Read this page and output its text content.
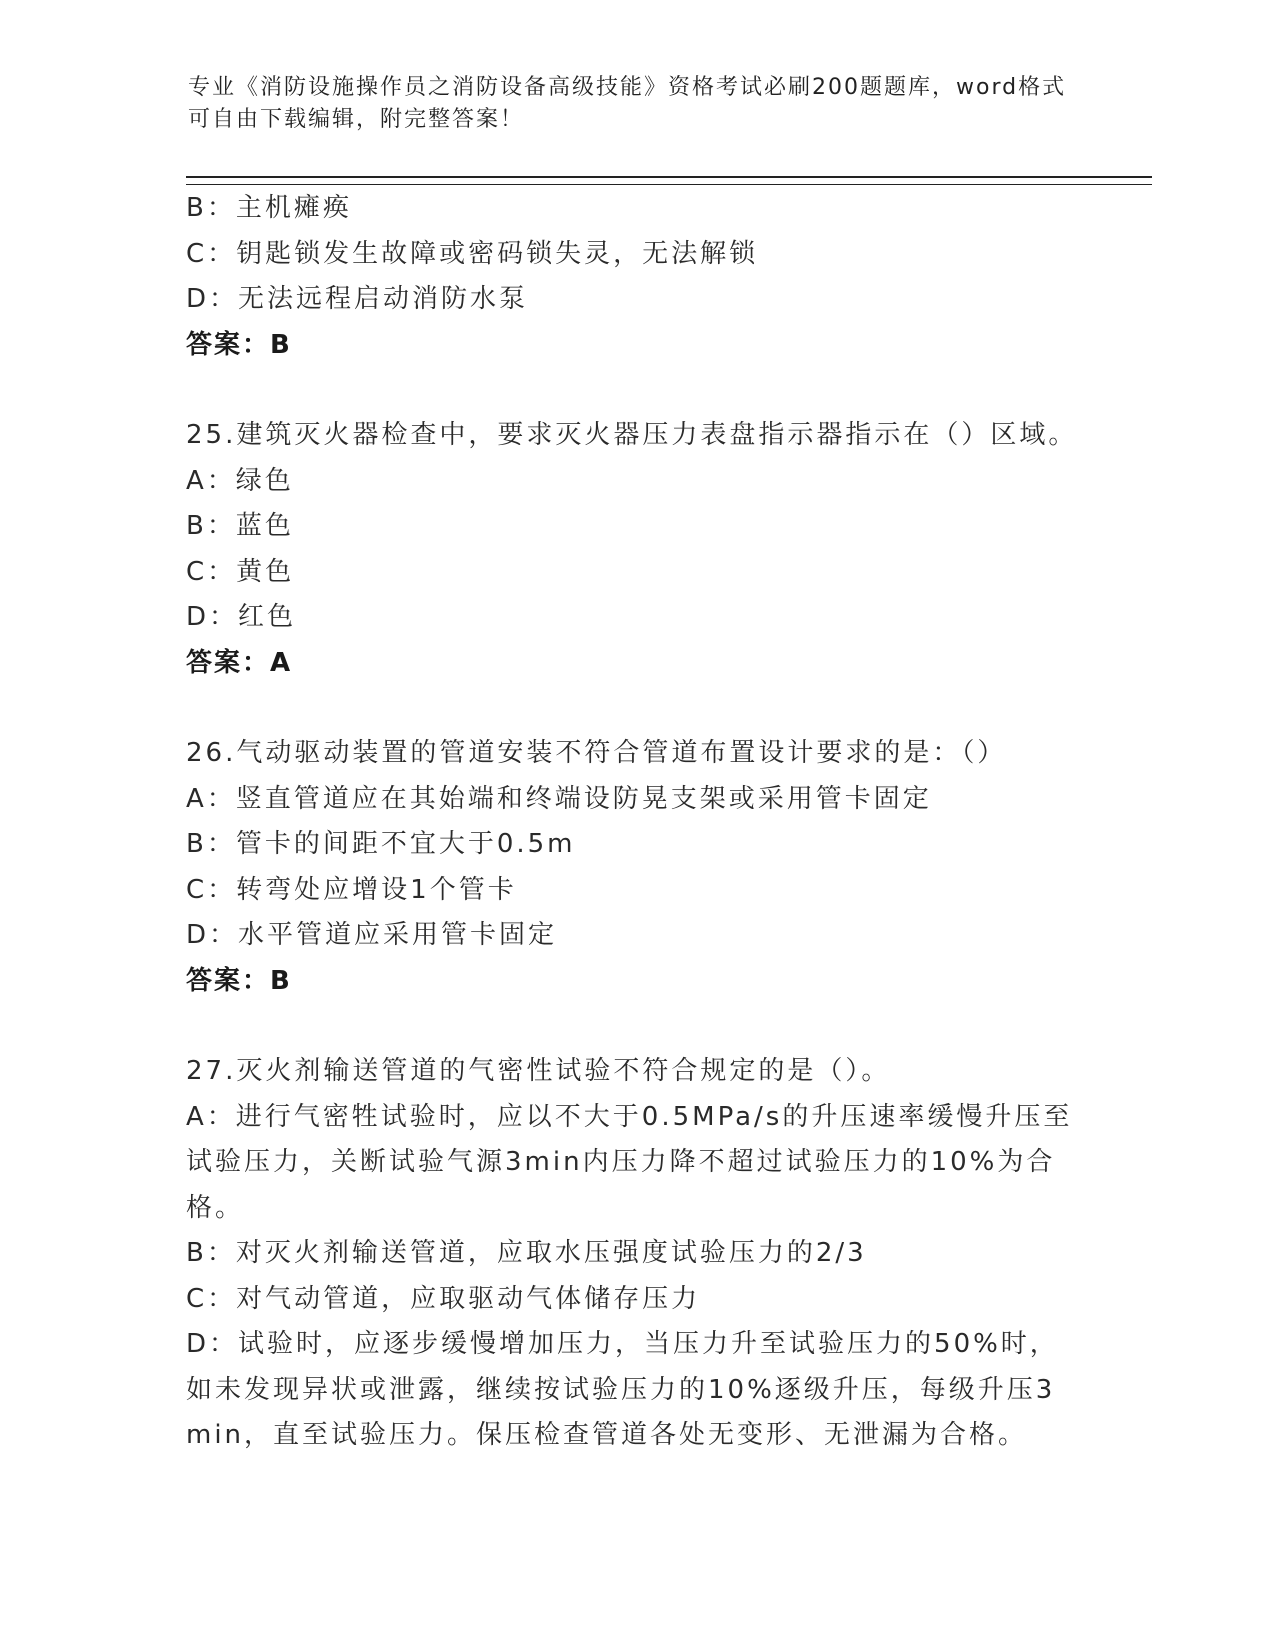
专业《消防设施操作员之消防设备高级技能》资格考试必刷200题题库，word格式可自由下载编辑，附完整答案！
B：主机瘫痪
C：钥匙锁发生故障或密码锁失灵，无法解锁
D：无法远程启动消防水泵
答案：B
25.建筑灭火器检查中，要求灭火器压力表盘指示器指示在（）区域。
A：绿色
B：蓝色
C：黄色
D：红色
答案：A
26.气动驱动装置的管道安装不符合管道布置设计要求的是：（）
A：竖直管道应在其始端和终端设防晃支架或采用管卡固定
B：管卡的间距不宜大于0.5m
C：转弯处应增设1个管卡
D：水平管道应采用管卡固定
答案：B
27.灭火剂输送管道的气密性试验不符合规定的是（）。
A：进行气密牲试验时，应以不大于0.5MPa/s的升压速率缓慢升压至试验压力，关断试验气源3min内压力降不超过试验压力的10%为合格。
B：对灭火剂输送管道，应取水压强度试验压力的2/3
C：对气动管道，应取驱动气体储存压力
D：试验时，应逐步缓慢增加压力，当压力升至试验压力的50%时，如未发现异状或泄露，继续按试验压力的10%逐级升压，每级升压3min，直至试验压力。保压检查管道各处无变形、无泄漏为合格。
